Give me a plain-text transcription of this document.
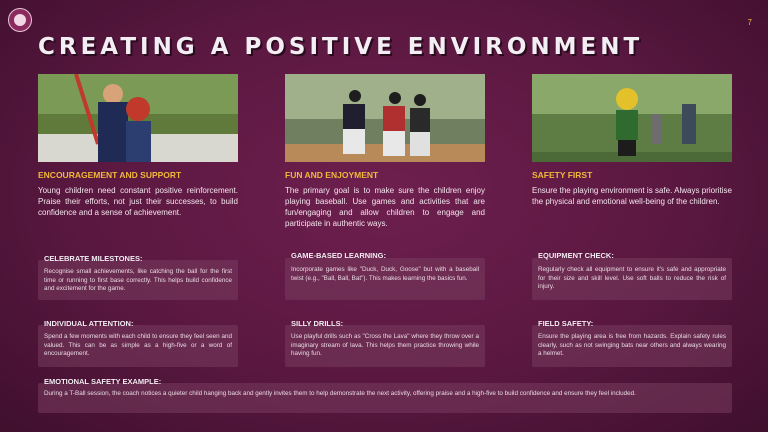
7
CREATING A POSITIVE ENVIRONMENT
ENCOURAGEMENT AND SUPPORT
Young children need constant positive reinforcement. Praise their efforts, not just their successes, to build confidence and a sense of achievement.
FUN AND ENJOYMENT
The primary goal is to make sure the children enjoy playing baseball. Use games and activities that are fun/engaging and allow children to engage and participate in authentic ways.
SAFETY FIRST
Ensure the playing environment is safe. Always prioritise the physical and emotional well-being of the children.
Recognise small achievements, like catching the ball for the first time or running to first base correctly. This helps build confidence and excitement for the game.
CELEBRATE MILESTONES:
Incorporate games like "Duck, Duck, Goose" but with a baseball twist (e.g., "Ball, Ball, Bat"). This makes learning the basics fun.
GAME-BASED LEARNING:
Regularly check all equipment to ensure it's safe and appropriate for their size and skill level. Use soft balls to reduce the risk of injury.
EQUIPMENT CHECK:
Spend a few moments with each child to ensure they feel seen and valued. This can be as simple as a high-five or a word of encouragement.
INDIVIDUAL ATTENTION:
Use playful drills such as "Cross the Lava" where they throw over a imaginary stream of lava. This helps them practice throwing while having fun.
SILLY DRILLS:
Ensure the playing area is free from hazards. Explain safety rules clearly, such as not swinging bats near others and always wearing a helmet.
FIELD SAFETY:
During a T-Ball session, the coach notices a quieter child hanging back and gently invites them to help demonstrate the next activity, offering praise and a high-five to build confidence and ensure they feel included.
EMOTIONAL SAFETY EXAMPLE:
